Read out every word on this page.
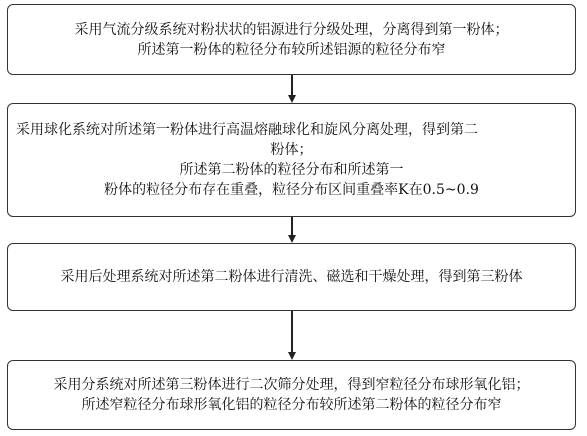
采用气流分级系统对粉状状的铝源进行分级处理，分离得到第一粉体；
所述第一粉体的粒径分布较所述铝源的粒径分布窄
采用球化系统对所述第一粉体进行高温熔融球化和旋风分离处理，得到第二
粉体；
所述第二粉体的粒径分布和所述第一
粉体的粒径分布存在重叠，粒径分布区间重叠率K在0.5~0.9
采用后处理系统对所述第二粉体进行清洗、磁选和干燥处理，得到第三粉体
采用分系统对所述第三粉体进行二次筛分处理，得到窄粒径分布球形氧化铝；
所述窄粒径分布球形氧化铝的粒径分布较所述第二粉体的粒径分布窄
